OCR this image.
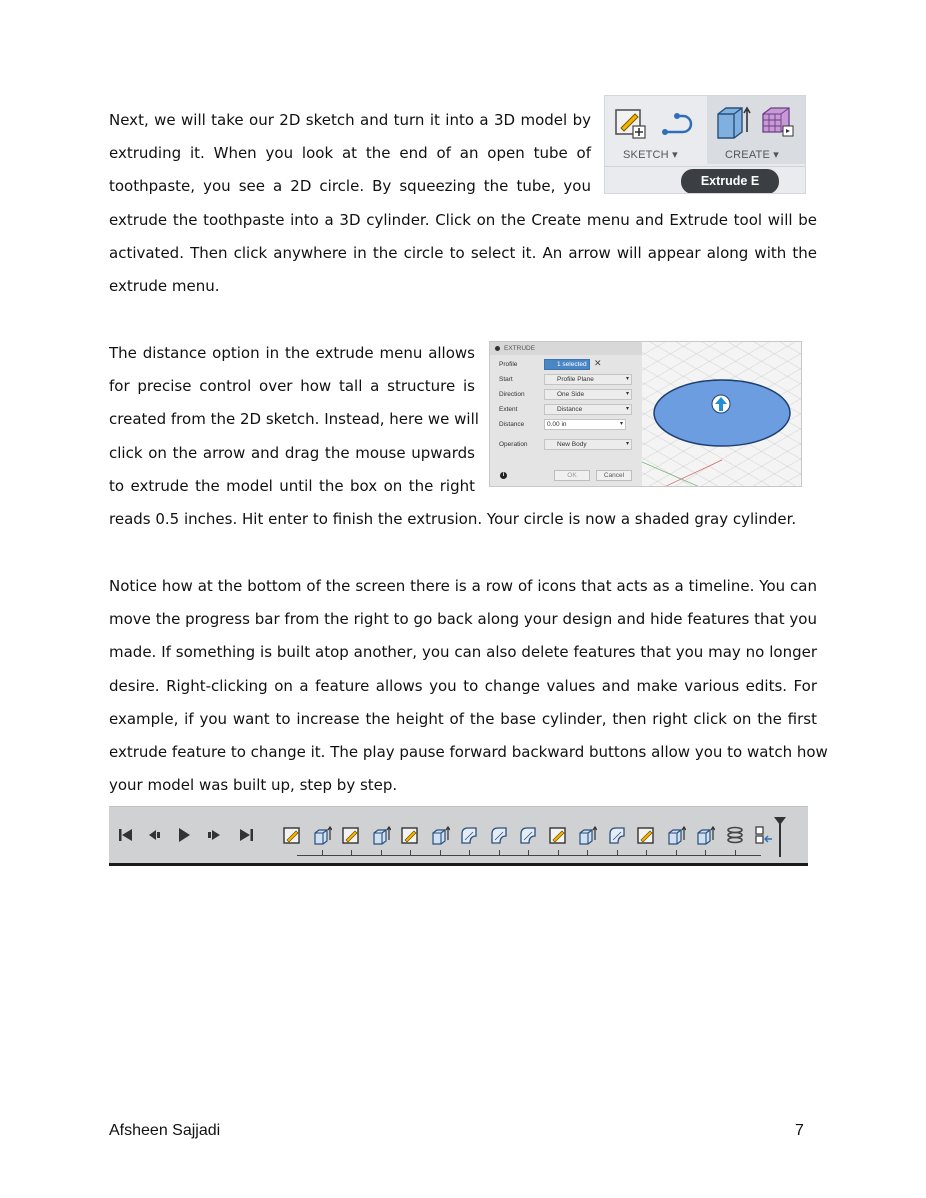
Next, we will take our 2D sketch and turn it into a 3D model by
extruding it. When you look at the end of an open tube of
toothpaste, you see a 2D circle. By squeezing the tube, you
extrude the toothpaste into a 3D cylinder. Click on the Create menu and Extrude tool will be
activated. Then click anywhere in the circle to select it. An arrow will appear along with the
extrude menu.
SKETCH ▾	CREATE ▾
Extrude E
The distance option in the extrude menu allows
for precise control over how tall a structure is
created from the 2D sketch. Instead, here we will
click on the arrow and drag the mouse upwards
to extrude the model until the box on the right
reads 0.5 inches. Hit enter to finish the extrusion. Your circle is now a shaded gray cylinder.
EXTRUDE
Profile	1 selected ✕
Start	Profile Plane ▾
Direction	One Side ▾
Extent	Distance ▾
Distance	0.00 in ▾
Operation	New Body ▾
i	OK	Cancel
Notice how at the bottom of the screen there is a row of icons that acts as a timeline. You can
move the progress bar from the right to go back along your design and hide features that you
made. If something is built atop another, you can also delete features that you may no longer
desire. Right-clicking on a feature allows you to change values and make various edits. For
example, if you want to increase the height of the base cylinder, then right click on the first
extrude feature to change it. The play pause forward backward buttons allow you to watch how
your model was built up, step by step.
Afsheen Sajjadi	7
